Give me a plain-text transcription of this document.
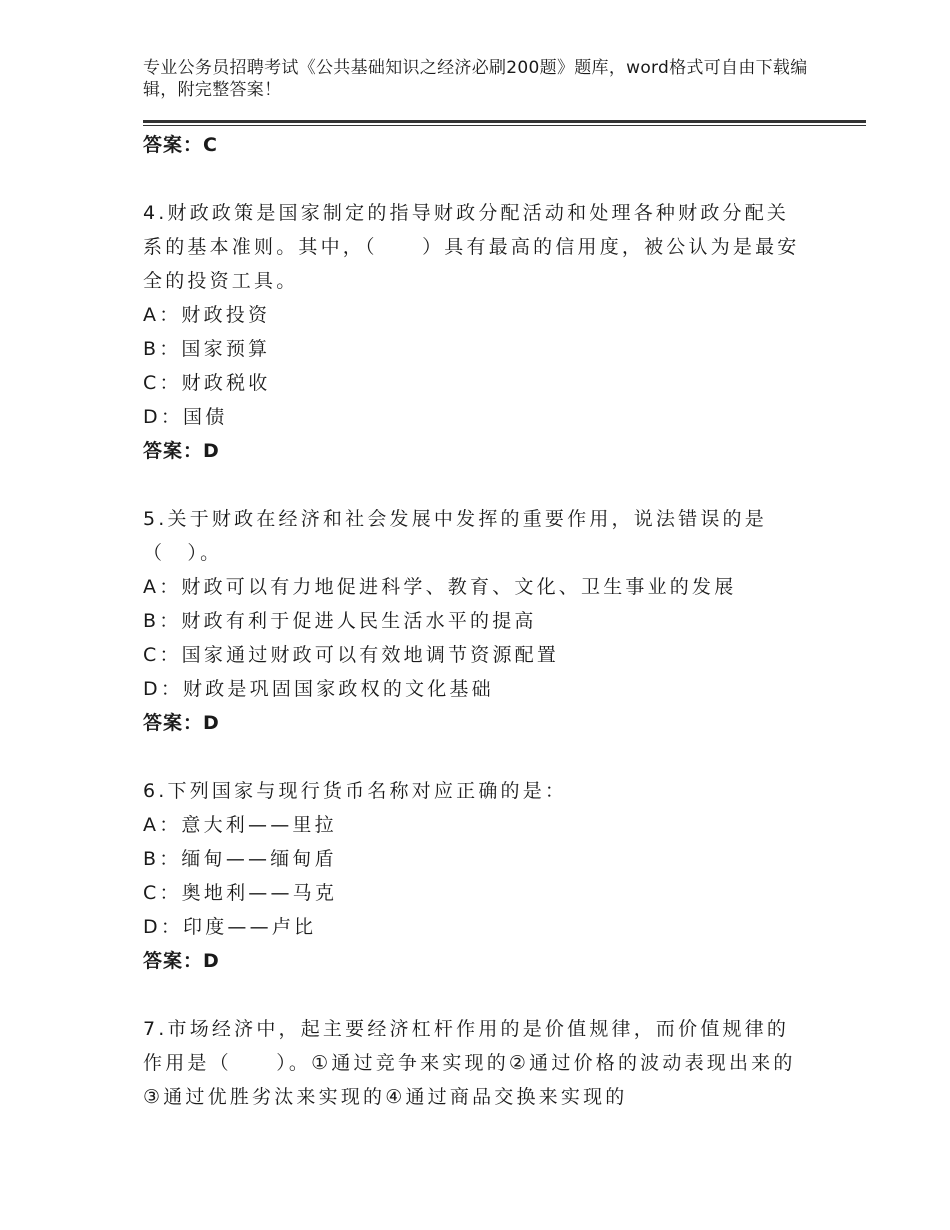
专业公务员招聘考试《公共基础知识之经济必刷200题》题库，word格式可自由下载编辑，附完整答案！
答案：C
4.财政政策是国家制定的指导财政分配活动和处理各种财政分配关系的基本准则。其中，（　　）具有最高的信用度，被公认为是最安全的投资工具。
A：财政投资
B：国家预算
C：财政税收
D：国债
答案：D
5.关于财政在经济和社会发展中发挥的重要作用，说法错误的是（　）。
A：财政可以有力地促进科学、教育、文化、卫生事业的发展
B：财政有利于促进人民生活水平的提高
C：国家通过财政可以有效地调节资源配置
D：财政是巩固国家政权的文化基础
答案：D
6.下列国家与现行货币名称对应正确的是：
A：意大利——里拉
B：缅甸——缅甸盾
C：奥地利——马克
D：印度——卢比
答案：D
7.市场经济中，起主要经济杠杆作用的是价值规律，而价值规律的作用是（　　）。①通过竞争来实现的②通过价格的波动表现出来的③通过优胜劣汰来实现的④通过商品交换来实现的
